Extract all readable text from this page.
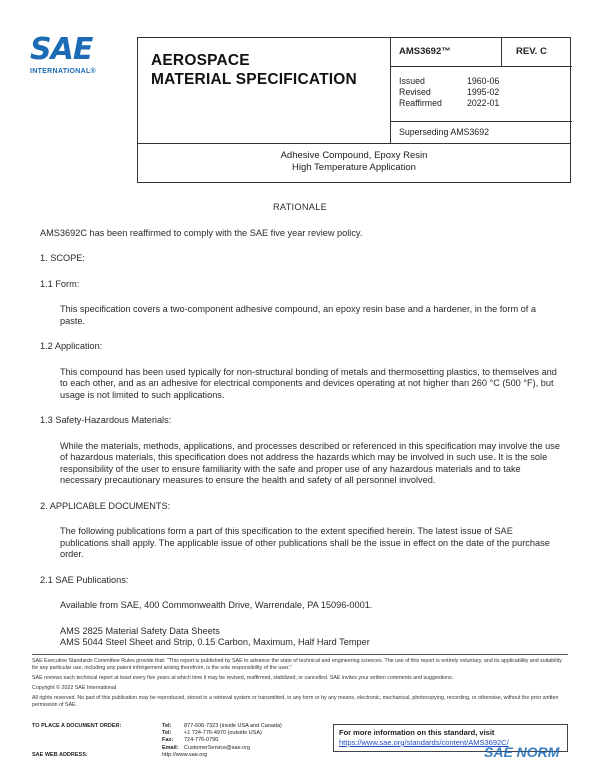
SAE
INTERNATIONAL®
AEROSPACE
MATERIAL SPECIFICATION
AMS3692™	REV. C
Issued	1960-06
Revised	1995-02
Reaffirmed	2022-01
Superseding AMS3692
Adhesive Compound, Epoxy Resin
High Temperature Application
RATIONALE
AMS3692C has been reaffirmed to comply with the SAE five year review policy.
1. SCOPE:
1.1 Form:
This specification covers a two-component adhesive compound, an epoxy resin base and a hardener, in the form of a paste.
1.2 Application:
This compound has been used typically for non-structural bonding of metals and thermosetting plastics, to themselves and to each other, and as an adhesive for electrical components and devices operating at not higher than 260 °C (500 °F), but usage is not limited to such applications.
1.3 Safety-Hazardous Materials:
While the materials, methods, applications, and processes described or referenced in this specification may involve the use of hazardous materials, this specification does not address the hazards which may be involved in such use. It is the sole responsibility of the user to ensure familiarity with the safe and proper use of any hazardous materials and to take necessary precautionary measures to ensure the health and safety of all personnel involved.
2. APPLICABLE DOCUMENTS:
The following publications form a part of this specification to the extent specified herein. The latest issue of SAE publications shall apply. The applicable issue of other publications shall be the issue in effect on the date of the purchase order.
2.1 SAE Publications:
Available from SAE, 400 Commonwealth Drive, Warrendale, PA 15096-0001.
AMS 2825 Material Safety Data Sheets
AMS 5044 Steel Sheet and Strip, 0.15 Carbon, Maximum, Half Hard Temper
SAE Executive Standards Committee Rules provide that: "This report is published by SAE to advance the state of technical and engineering sciences. The use of this report is entirely voluntary, and its applicability and suitability for any particular use, including any patent infringement arising therefrom, is the sole responsibility of the user."
SAE reviews each technical report at least every five years at which time it may be revised, reaffirmed, stabilized, or cancelled. SAE invites your written comments and suggestions.
Copyright © 2022 SAE International
All rights reserved. No part of this publication may be reproduced, stored in a retrieval system or transmitted, in any form or by any means, electronic, mechanical, photocopying, recording, or otherwise, without the prior written permission of SAE.
TO PLACE A DOCUMENT ORDER:	Tel:	877-606-7323 (inside USA and Canada)
Tel:	+1 724-776-4970 (outside USA)
Fax:	724-776-0790
Email: CustomerService@sae.org
SAE WEB ADDRESS:	http://www.sae.org
For more information on this standard, visit
https://www.sae.org/standards/content/AMS3692C/
SAE NORM
